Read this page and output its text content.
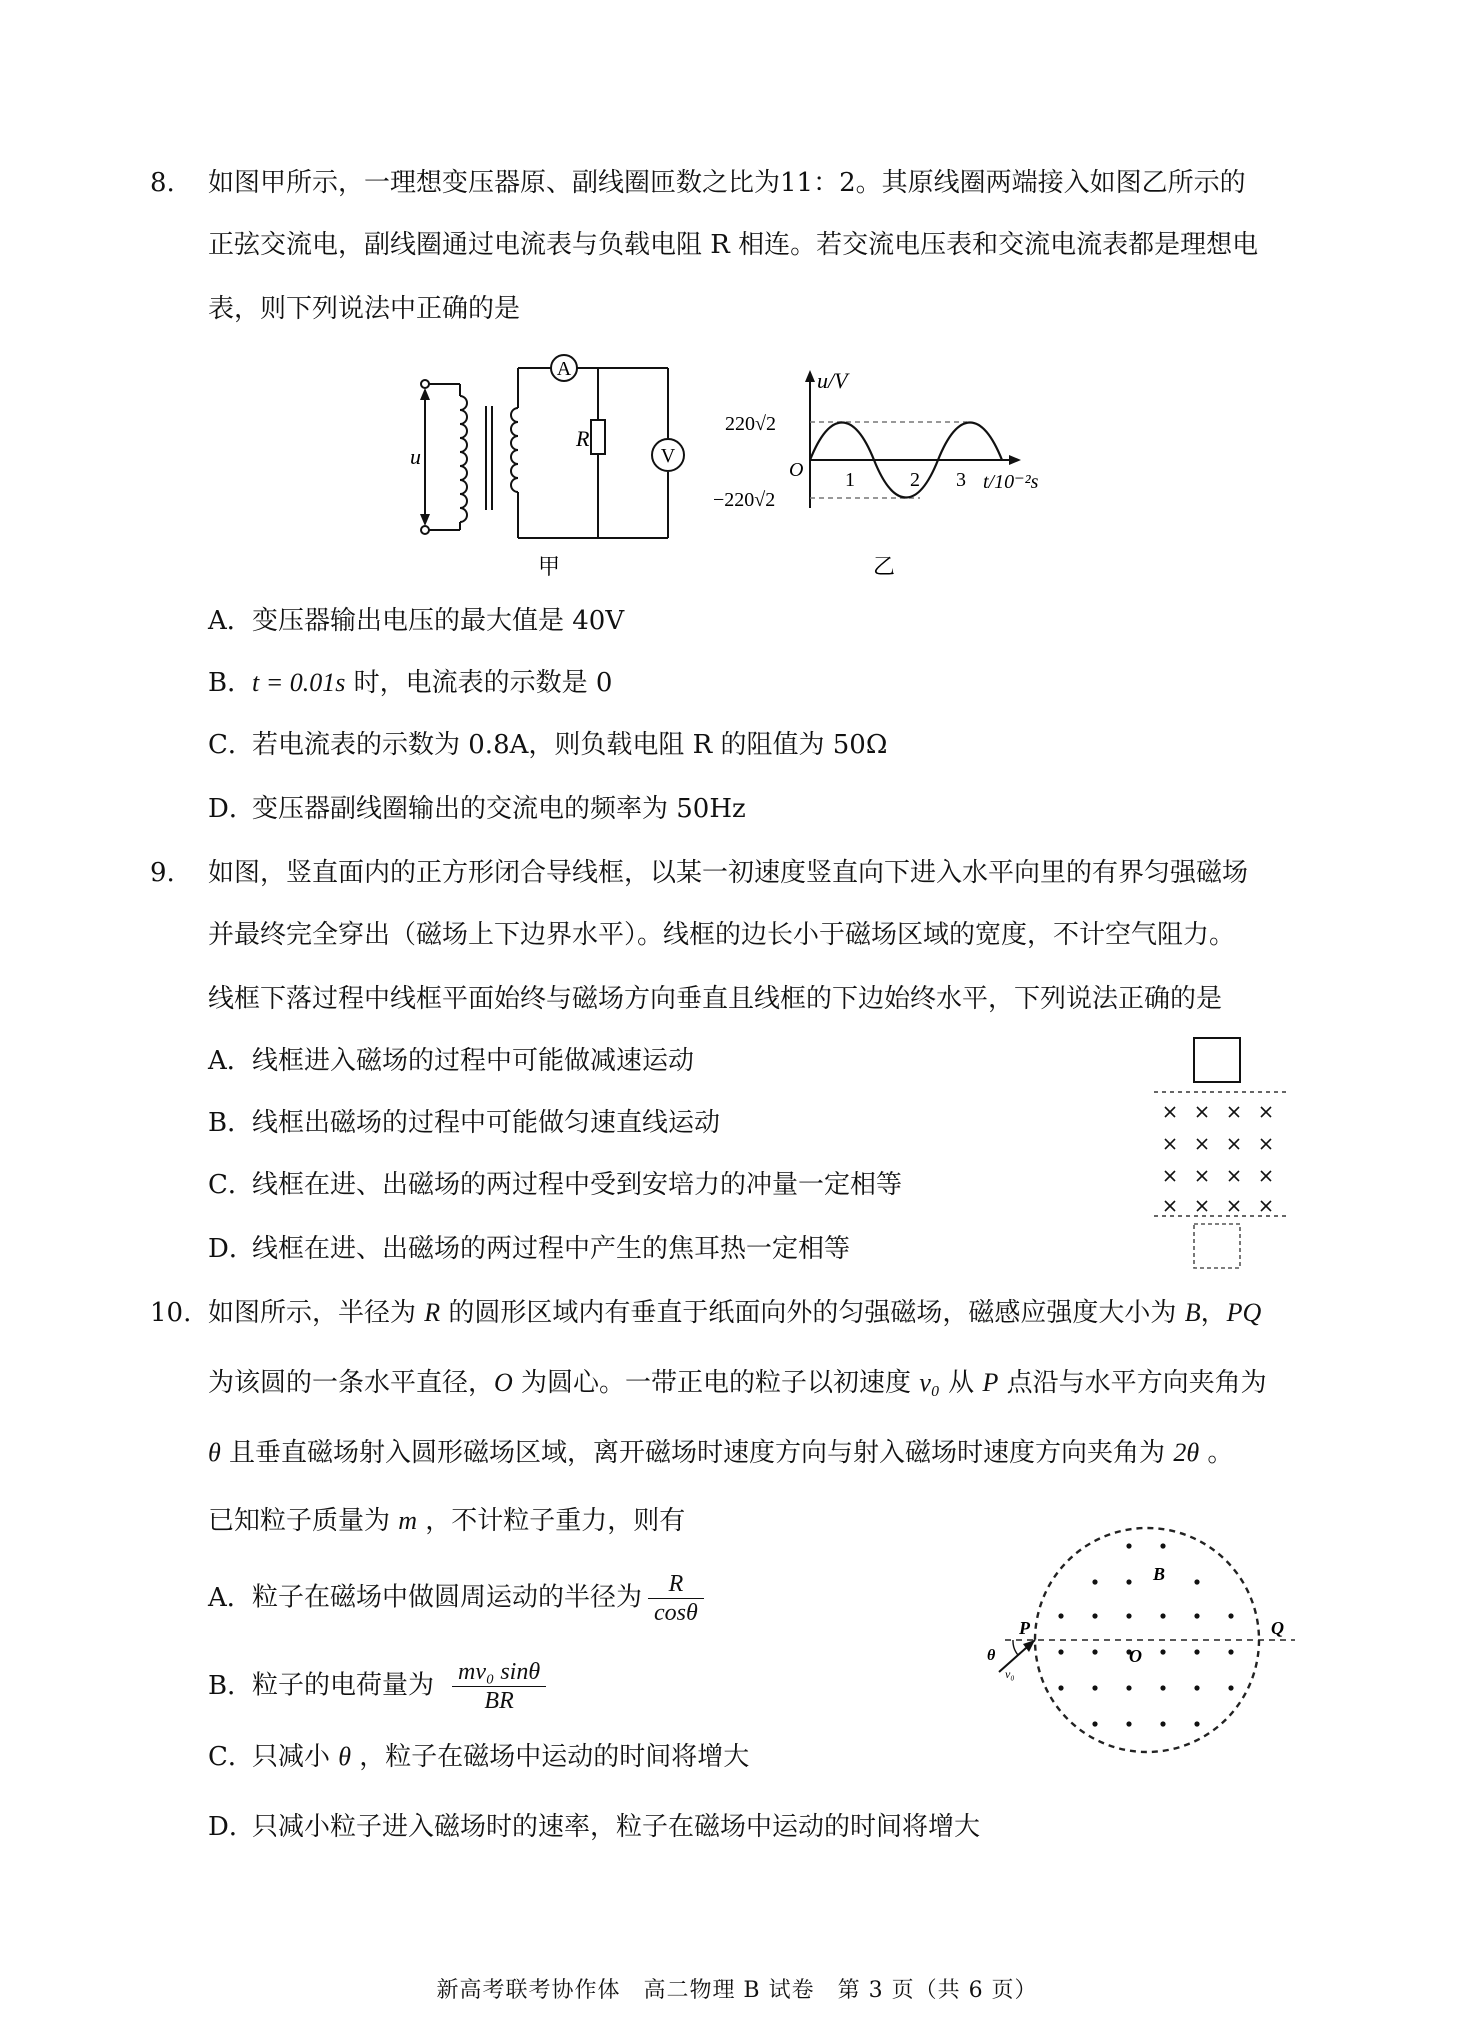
8. 如图甲所示，一理想变压器原、副线圈匝数之比为11：2。其原线圈两端接入如图乙所示的
正弦交流电，副线圈通过电流表与负载电阻 R 相连。若交流电压表和交流电流表都是理想电
表，则下列说法中正确的是
A
V
R
u
甲
u/V
220√2
−220√2
O 1	2 3 t/10⁻²s
乙
A．变压器输出电压的最大值是 40V
B．t = 0.01s 时，电流表的示数是 0
C．若电流表的示数为 0.8A，则负载电阻 R 的阻值为 50Ω
D．变压器副线圈输出的交流电的频率为 50Hz
9. 如图，竖直面内的正方形闭合导线框，以某一初速度竖直向下进入水平向里的有界匀强磁场
并最终完全穿出（磁场上下边界水平）。线框的边长小于磁场区域的宽度，不计空气阻力。
线框下落过程中线框平面始终与磁场方向垂直且线框的下边始终水平，下列说法正确的是
A．线框进入磁场的过程中可能做减速运动
B．线框出磁场的过程中可能做匀速直线运动
C．线框在进、出磁场的两过程中受到安培力的冲量一定相等
D．线框在进、出磁场的两过程中产生的焦耳热一定相等
10. 如图所示，半径为 R 的圆形区域内有垂直于纸面向外的匀强磁场，磁感应强度大小为 B，PQ
为该圆的一条水平直径，O 为圆心。一带正电的粒子以初速度 v₀ 从 P 点沿与水平方向夹角为
θ 且垂直磁场射入圆形磁场区域，离开磁场时速度方向与射入磁场时速度方向夹角为 2θ 。
已知粒子质量为 m ，不计粒子重力，则有
A．粒子在磁场中做圆周运动的半径为 $\frac{R}{\cos\theta}$
B．粒子的电荷量为 $\frac{\text{mv₀ sinθ}}{BR}$
C．只减小 θ ，粒子在磁场中运动的时间将增大
D．只减小粒子进入磁场时的速率，粒子在磁场中运动的时间将增大
P	Q
O
B
θ
v₀
新高考联考协作体　高二物理 B 试卷　第 3 页（共 6 页）
